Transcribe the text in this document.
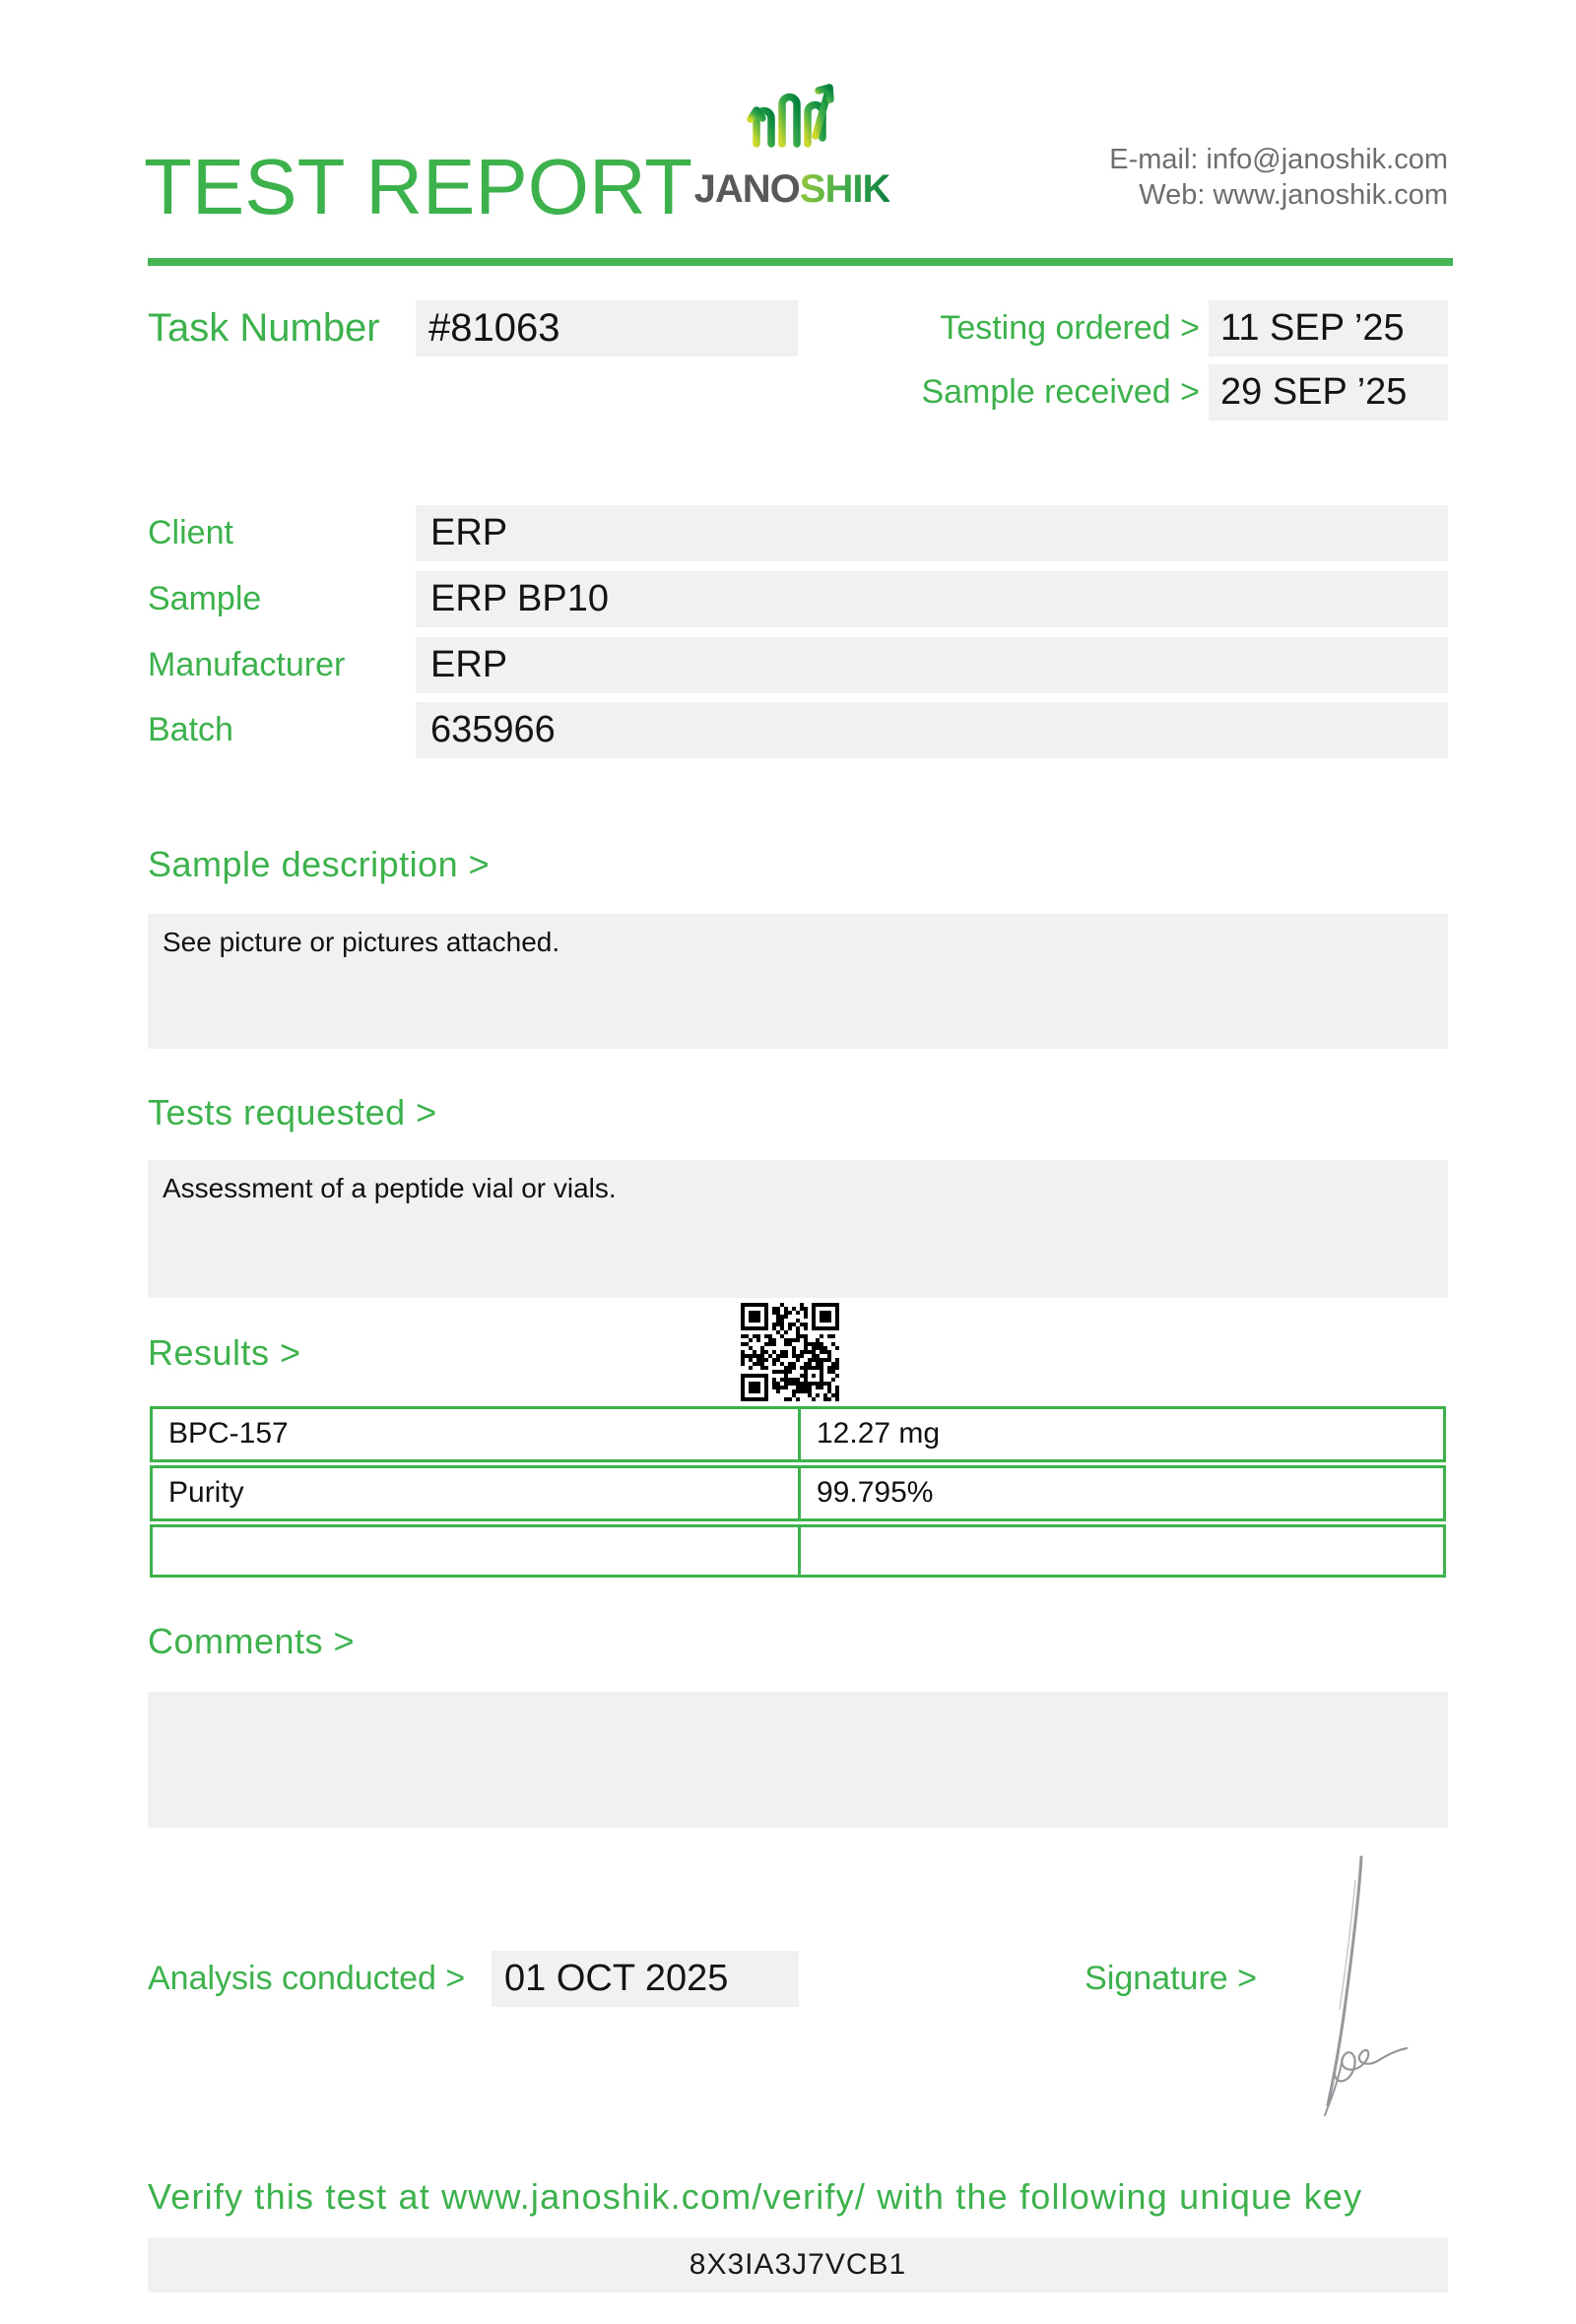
TEST REPORT JANOSHIK
E-mail: info@janoshik.com
Web: www.janoshik.com
Task Number #81063	Testing ordered > 11 SEP ’25
Sample received > 29 SEP ’25
Client	ERP
Sample	ERP BP10
Manufacturer ERP
Batch	635966
Sample description >
See picture or pictures attached.
Tests requested >
Assessment of a peptide vial or vials.
Results >
BPC-157	12.27 mg
Purity	99.795%
Comments >
Analysis conducted > 01 OCT 2025	Signature >
Verify this test at www.janoshik.com/verify/ with the following unique key
8X3IA3J7VCB1
